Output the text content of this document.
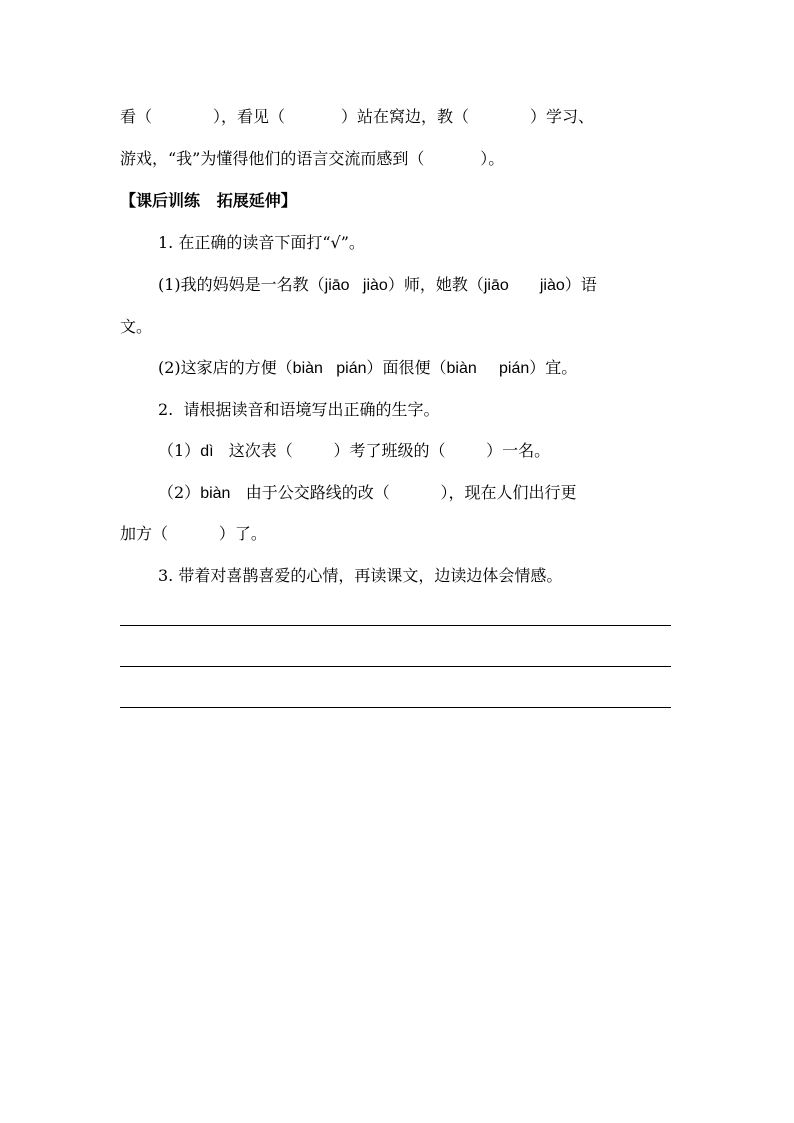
看（            ），看见（           ）站在窝边，教（            ）学习、
游戏，“我”为懂得他们的语言交流而感到（           ）。
【课后训练   拓展延伸】
1. 在正确的读音下面打“√”。
(1)我的妈妈是一名教（jiāo   jiào）师，她教（jiāo       jiào）语
文。
(2)这家店的方便（biàn   pián）面很便（biàn     pián）宜。
2.  请根据读音和语境写出正确的生字。
（1）dì   这次表（        ）考了班级的（        ）一名。
（2）biàn   由于公交路线的改（          ），现在人们出行更
加方（          ）了。
3. 带着对喜鹊喜爱的心情，再读课文，边读边体会情感。
